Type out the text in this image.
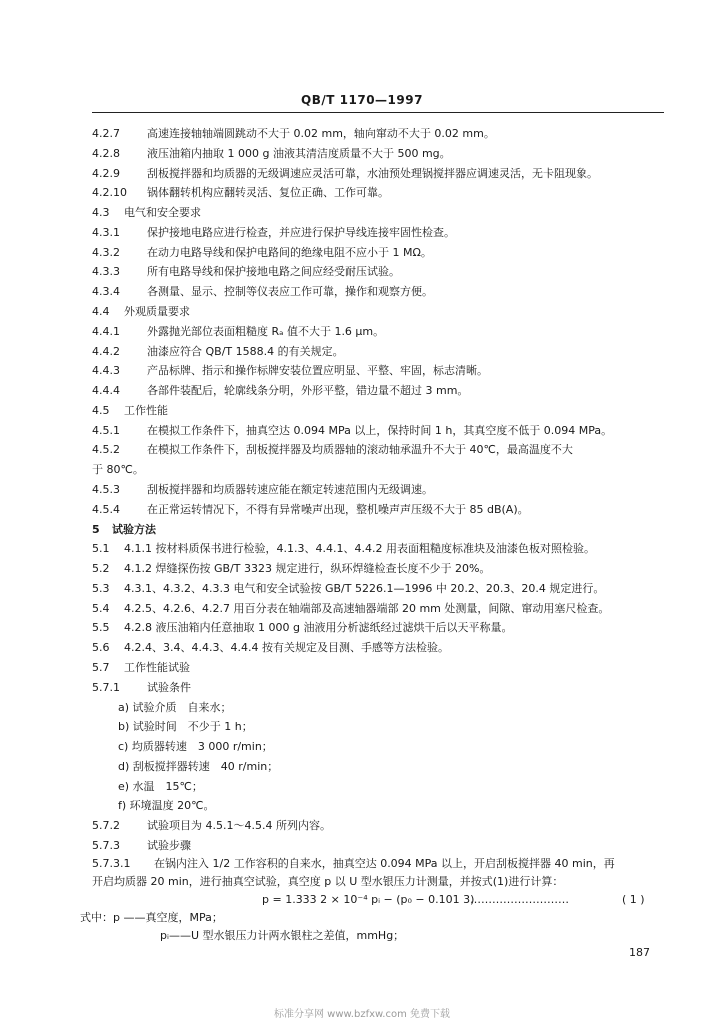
QB/T 1170—1997
4.2.7 高速连接轴轴端圆跳动不大于 0.02 mm，轴向窜动不大于 0.02 mm。
4.2.8 液压油箱内抽取 1 000 g 油液其清洁度质量不大于 500 mg。
4.2.9 刮板搅拌器和均质器的无级调速应灵活可靠，水油预处理锅搅拌器应调速灵活，无卡阻现象。
4.2.10 锅体翻转机构应翻转灵活、复位正确、工作可靠。
4.3 电气和安全要求
4.3.1 保护接地电路应进行检查，并应进行保护导线连接牢固性检查。
4.3.2 在动力电路导线和保护电路间的绝缘电阻不应小于 1 MΩ。
4.3.3 所有电路导线和保护接地电路之间应经受耐压试验。
4.3.4 各测量、显示、控制等仪表应工作可靠，操作和观察方便。
4.4 外观质量要求
4.4.1 外露抛光部位表面粗糙度 Rₐ 值不大于 1.6 μm。
4.4.2 油漆应符合 QB/T 1588.4 的有关规定。
4.4.3 产品标牌、指示和操作标牌安装位置应明显、平整、牢固，标志清晰。
4.4.4 各部件装配后，轮廓线条分明，外形平整，错边量不超过 3 mm。
4.5 工作性能
4.5.1 在模拟工作条件下，抽真空达 0.094 MPa 以上，保持时间 1 h，其真空度不低于 0.094 MPa。
4.5.2 在模拟工作条件下，刮板搅拌器及均质器轴的滚动轴承温升不大于 40℃，最高温度不大
于 80℃。
4.5.3 刮板搅拌器和均质器转速应能在额定转速范围内无级调速。
4.5.4 在正常运转情况下，不得有异常噪声出现，整机噪声声压级不大于 85 dB(A)。
5 试验方法
5.1 4.1.1 按材料质保书进行检验，4.1.3、4.4.1、4.4.2 用表面粗糙度标准块及油漆色板对照检验。
5.2 4.1.2 焊缝探伤按 GB/T 3323 规定进行，纵环焊缝检查长度不少于 20%。
5.3 4.3.1、4.3.2、4.3.3 电气和安全试验按 GB/T 5226.1—1996 中 20.2、20.3、20.4 规定进行。
5.4 4.2.5、4.2.6、4.2.7 用百分表在轴端部及高速轴器端部 20 mm 处测量，间隙、窜动用塞尺检查。
5.5 4.2.8 液压油箱内任意抽取 1 000 g 油液用分析滤纸经过滤烘干后以天平称量。
5.6 4.2.4、3.4、4.4.3、4.4.4 按有关规定及目测、手感等方法检验。
5.7 工作性能试验
5.7.1 试验条件
a) 试验介质　自来水；
b) 试验时间　不少于 1 h；
c) 均质器转速　3 000 r/min；
d) 刮板搅拌器转速　40 r/min；
e) 水温　15℃；
f) 环境温度 20℃。
5.7.2 试验项目为 4.5.1～4.5.4 所列内容。
5.7.3 试验步骤
5.7.3.1 在锅内注入 1/2 工作容积的自来水，抽真空达 0.094 MPa 以上，开启刮板搅拌器 40 min，再
开启均质器 20 min，进行抽真空试验，真空度 p 以 U 型水银压力计测量，并按式(1)进行计算：
p = 1.333 2 × 10⁻⁴ pᵢ − (p₀ − 0.101 3)
………………………	( 1 )
式中：p ——真空度，MPa；
pᵢ——U 型水银压力计两水银柱之差值，mmHg；
187
标准分享网 www.bzfxw.com 免费下载
